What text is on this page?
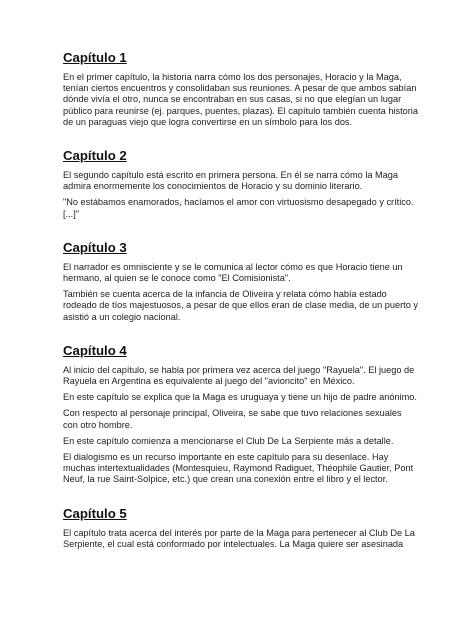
Capítulo 1

En el primer capítulo, la historia narra cómo los dos personajes, Horacio y la Maga, tenían ciertos encuentros y consolidaban sus reuniones. A pesar de que ambos sabían dónde vivía el otro, nunca se encontraban en sus casas, si no que elegían un lugar público para reunirse (ej. parques, puentes, plazas). El capítulo también cuenta historia de un paraguas viejo que logra convertirse en un símbolo para los dos.

Capítulo 2

El segundo capítulo está escrito en primera persona. En él se narra cómo la Maga admira enormemente los conocimientos de Horacio y su dominio literario.

"No estábamos enamorados, hacíamos el amor con virtuosismo desapegado y crítico. [...]"

Capítulo 3

El narrador es omnisciente y se le comunica al lector cómo es que Horacio tiene un hermano, al quien se le conoce como "El Comisionista".

También se cuenta acerca de la infancia de Oliveira y relata cómo había estado rodeado de tíos majestuosos, a pesar de que ellos eran de clase media, de un puerto y asistió a un colegio nacional.

Capítulo 4

Al inicio del capítulo, se habla por primera vez acerca del juego "Rayuela". El juego de Rayuela en Argentina es equivalente al juego del "avioncito" en México.

En este capítulo se explica que la Maga es uruguaya y tiene un hijo de padre anónimo.

Con respecto al personaje principal, Oliveira, se sabe que tuvo relaciones sexuales con otro hombre.

En este capítulo comienza a mencionarse el Club De La Serpiente más a detalle.

El dialogismo es un recurso importante en este capítulo para su desenlace. Hay muchas intertextualidades (Montesquieu, Raymond Radiguet, Théophile Gautier, Pont Neuf, la rue Saint-Solpice, etc.) que crean una conexión entre el libro y el lector.

Capítulo 5

El capítulo trata acerca del interés por parte de la Maga para pertenecer al Club De La Serpiente, el cual está conformado por intelectuales. La Maga quiere ser asesinada
